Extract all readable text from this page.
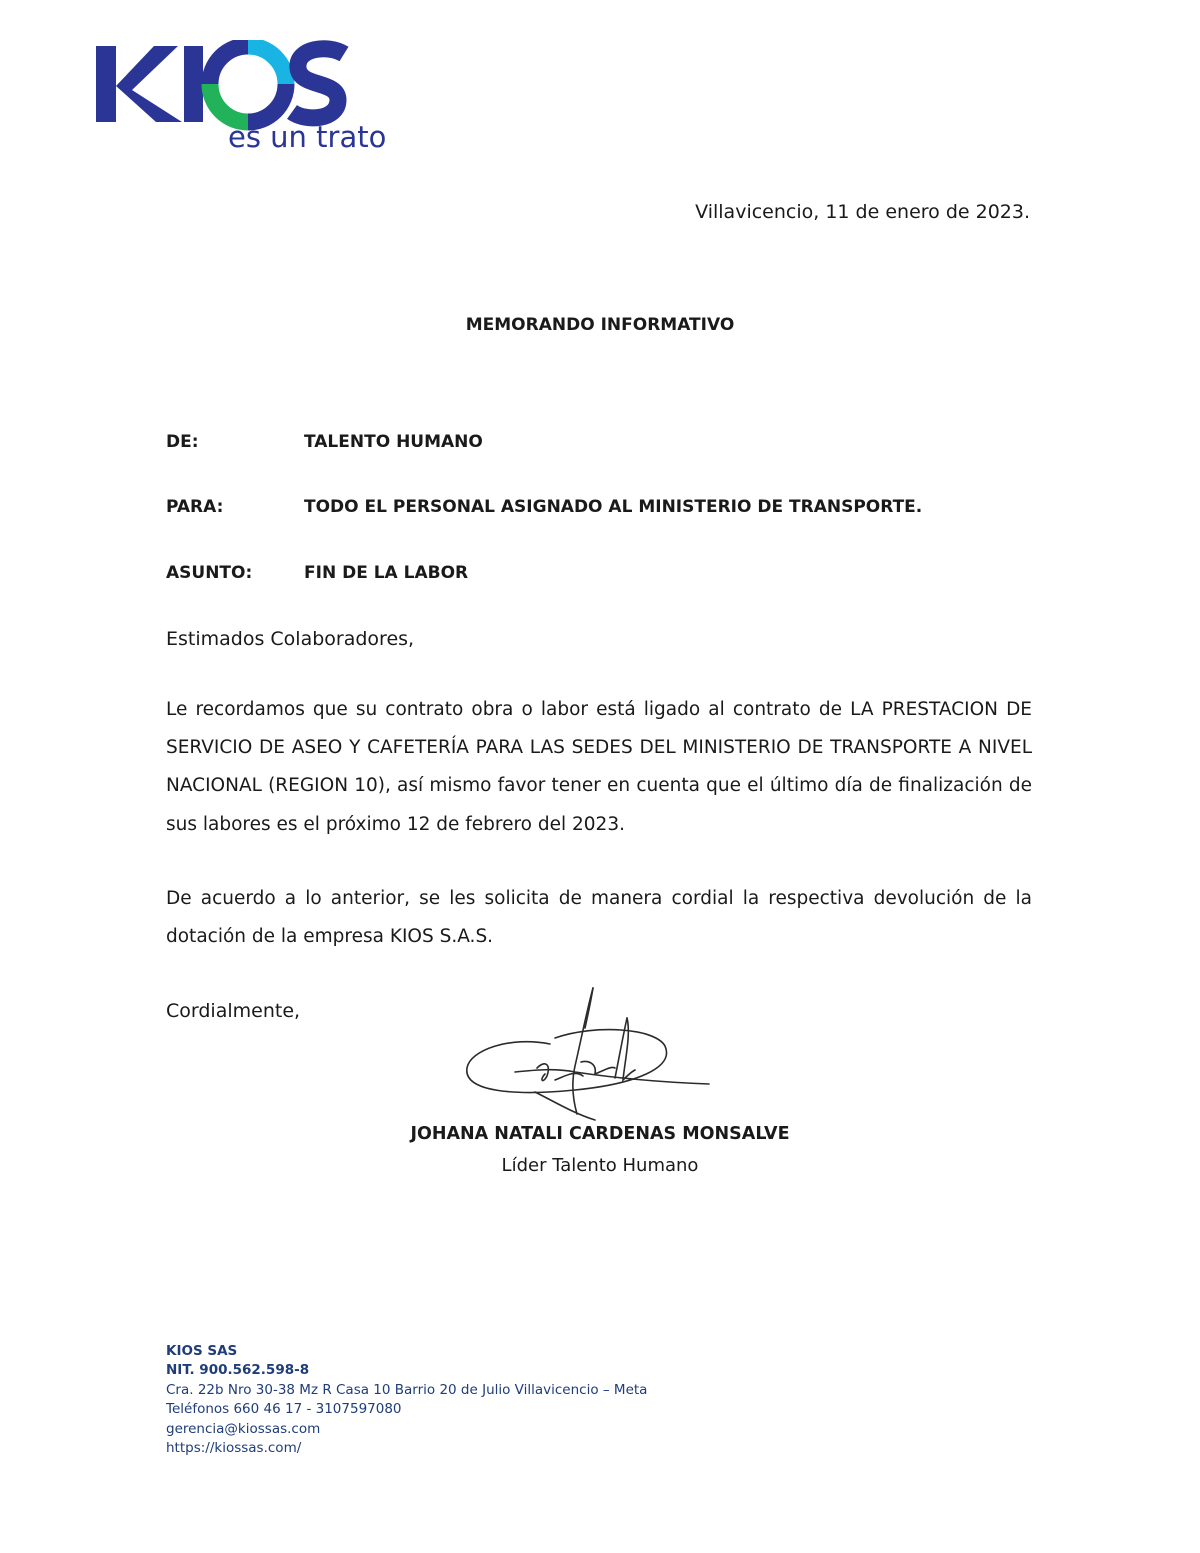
es un trato
Villavicencio, 11 de enero de 2023.
MEMORANDO INFORMATIVO
DE:	TALENTO HUMANO
PARA:	TODO EL PERSONAL ASIGNADO AL MINISTERIO DE TRANSPORTE.
ASUNTO:	FIN DE LA LABOR
Estimados Colaboradores,
Le recordamos que su contrato obra o labor está ligado al contrato de LA PRESTACION DE SERVICIO DE ASEO Y CAFETERÍA PARA LAS SEDES DEL MINISTERIO DE TRANSPORTE A NIVEL NACIONAL (REGION 10), así mismo favor tener en cuenta que el último día de finalización de sus labores es el próximo 12 de febrero del 2023.
De acuerdo a lo anterior, se les solicita de manera cordial la respectiva devolución de la dotación de la empresa KIOS S.A.S.
Cordialmente,
JOHANA NATALI CARDENAS MONSALVE
Líder Talento Humano
KIOS SAS
NIT. 900.562.598-8
Cra. 22b Nro 30-38 Mz R Casa 10 Barrio 20 de Julio Villavicencio – Meta
Teléfonos 660 46 17 - 3107597080
gerencia@kiossas.com
https://kiossas.com/
